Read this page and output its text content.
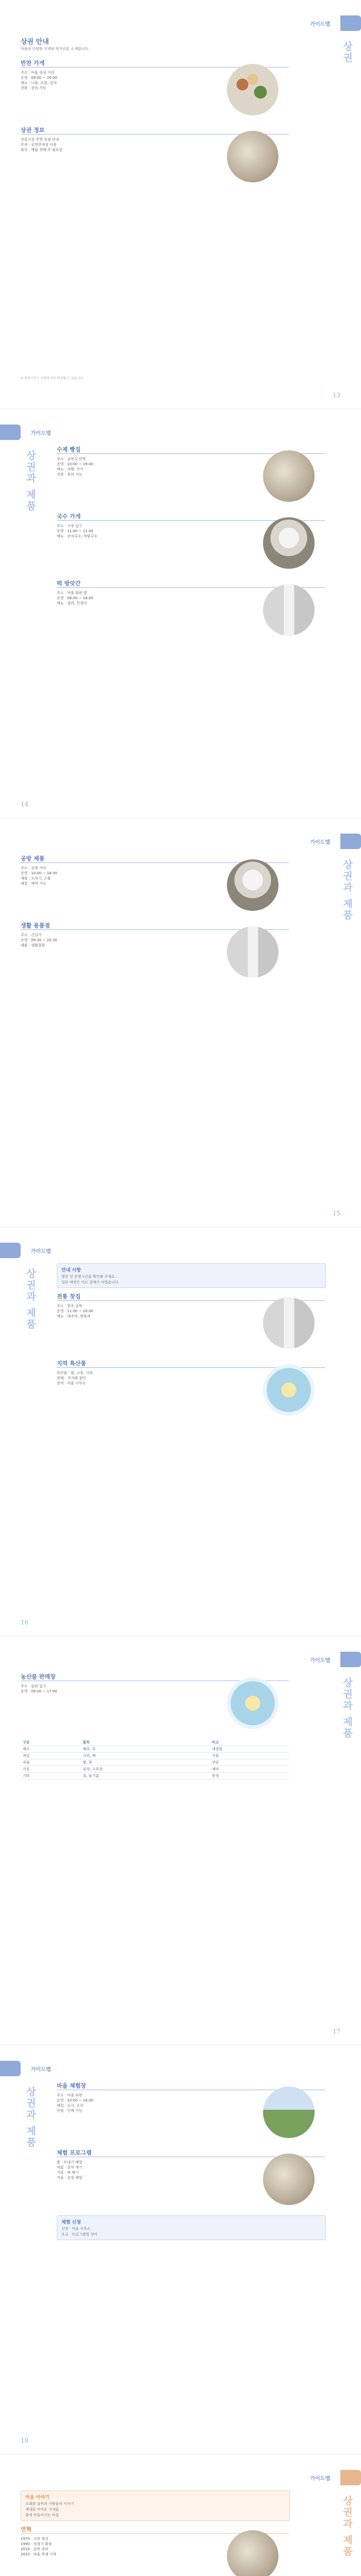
가이드맵
상권
13
상권 안내
마을의 다양한 가게와 먹거리를 소개합니다.
반찬 가게
주소 · 마을 중심 거리
운영 · 09:00 ~ 20:00
메뉴 · 나물, 조림, 김치
전화 · 문의 가능
상권 정보
전통시장 주변 상점 안내
주차 · 공영주차장 이용
휴무 · 매월 첫째 주 월요일
※ 영업시간은 사정에 따라 변경될 수 있습니다.
가이드맵
상권과 제품
14
수제 빵집
주소 · 골목길 안쪽
운영 · 10:00 ~ 19:00
메뉴 · 식빵, 쿠키
전화 · 문의 가능
국수 가게
주소 · 시장 입구
운영 · 11:00 ~ 21:00
메뉴 · 잔치국수, 비빔국수
떡 방앗간
주소 · 마을 회관 옆
운영 · 08:00 ~ 18:00
메뉴 · 절편, 인절미
가이드맵
상권과 제품
15
공방 제품
주소 · 공방 거리
운영 · 10:00 ~ 18:00
제품 · 도자기, 소품
체험 · 예약 가능
생활 용품점
주소 · 큰길가
운영 · 09:30 ~ 20:30
제품 · 생활잡화
가이드맵
상권과 제품
16
안내 사항
방문 전 운영시간을 확인해 주세요.
일부 매장은 카드 결제가 어렵습니다.
전통 찻집
주소 · 한옥 골목
운영 · 11:00 ~ 20:00
메뉴 · 대추차, 쌍화차
지역 특산품
특산물 · 쌀, 고추, 사과
판매 · 직거래 장터
문의 · 마을 사무소
가이드맵
상권과 제품
17
농산물 판매장
주소 · 들판 입구
운영 · 09:00 ~ 17:00
구분	품목	비고
채소	배추, 무	계절별
과일	사과, 배	가을
곡물	쌀, 콩	연중
가공	된장, 고추장	예약
기타	꿀, 들기름	한정
가이드맵
상권과 제품
18
마을 체험장
주소 · 마을 뒤편
운영 · 10:00 ~ 16:00
체험 · 농사, 요리
인원 · 단체 가능
체험 프로그램
봄 · 모내기 체험
여름 · 감자 캐기
가을 · 벼 베기
겨울 · 김장 체험
체험 신청
신청 · 마을 사무소
요금 · 프로그램별 상이
가이드맵
상권과 제품
마을 이야기
오래된 골목과 사람들의 이야기
세대를 이어온 가게들
함께 만들어가는 마을
연혁
1970 · 시장 형성
1990 · 상점가 확장
2010 · 골목 정비
2020 · 마을 축제 시작
